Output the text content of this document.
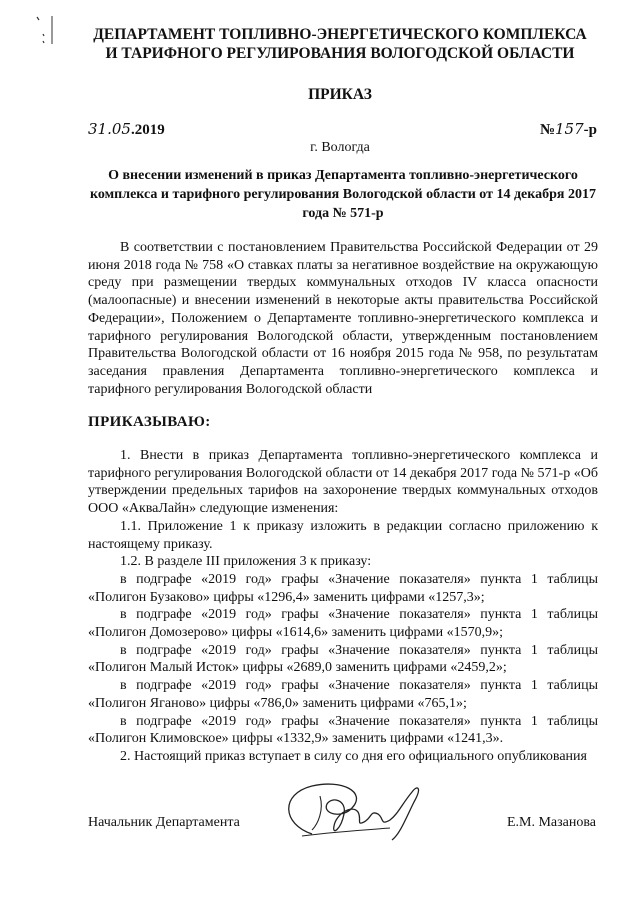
ДЕПАРТАМЕНТ ТОПЛИВНО-ЭНЕРГЕТИЧЕСКОГО КОМПЛЕКСА
И ТАРИФНОГО РЕГУЛИРОВАНИЯ ВОЛОГОДСКОЙ ОБЛАСТИ
ПРИКАЗ
31.05.2019	№157-р
г. Вологда
О внесении изменений в приказ Департамента топливно-энергетического комплекса и тарифного регулирования Вологодской области от 14 декабря 2017 года № 571-р
В соответствии с постановлением Правительства Российской Федерации от 29 июня 2018 года № 758 «О ставках платы за негативное воздействие на окружающую среду при размещении твердых коммунальных отходов IV класса опасности (малоопасные) и внесении изменений в некоторые акты правительства Российской Федерации», Положением о Департаменте топливно-энергетического комплекса и тарифного регулирования Вологодской области, утвержденным постановлением Правительства Вологодской области от 16 ноября 2015 года № 958, по результатам заседания правления Департамента топливно-энергетического комплекса и тарифного регулирования Вологодской области
ПРИКАЗЫВАЮ:

1. Внести в приказ Департамента топливно-энергетического комплекса и тарифного регулирования Вологодской области от 14 декабря 2017 года № 571-р «Об утверждении предельных тарифов на захоронение твердых коммунальных отходов ООО «АкваЛайн» следующие изменения:

1.1. Приложение 1 к приказу изложить в редакции согласно приложению к настоящему приказу.

1.2. В разделе III приложения 3 к приказу:

в подграфе «2019 год» графы «Значение показателя» пункта 1 таблицы «Полигон Бузаково» цифры «1296,4» заменить цифрами «1257,3»;

в подграфе «2019 год» графы «Значение показателя» пункта 1 таблицы «Полигон Домозерово» цифры «1614,6» заменить цифрами «1570,9»;

в подграфе «2019 год» графы «Значение показателя» пункта 1 таблицы «Полигон Малый Исток» цифры «2689,0 заменить цифрами «2459,2»;

в подграфе «2019 год» графы «Значение показателя» пункта 1 таблицы «Полигон Яганово» цифры «786,0» заменить цифрами «765,1»;

в подграфе «2019 год» графы «Значение показателя» пункта 1 таблицы «Полигон Климовское» цифры «1332,9» заменить цифрами «1241,3».

2. Настоящий приказ вступает в силу со дня его официального опубликования

Начальник Департамента	Е.М. Мазанова
